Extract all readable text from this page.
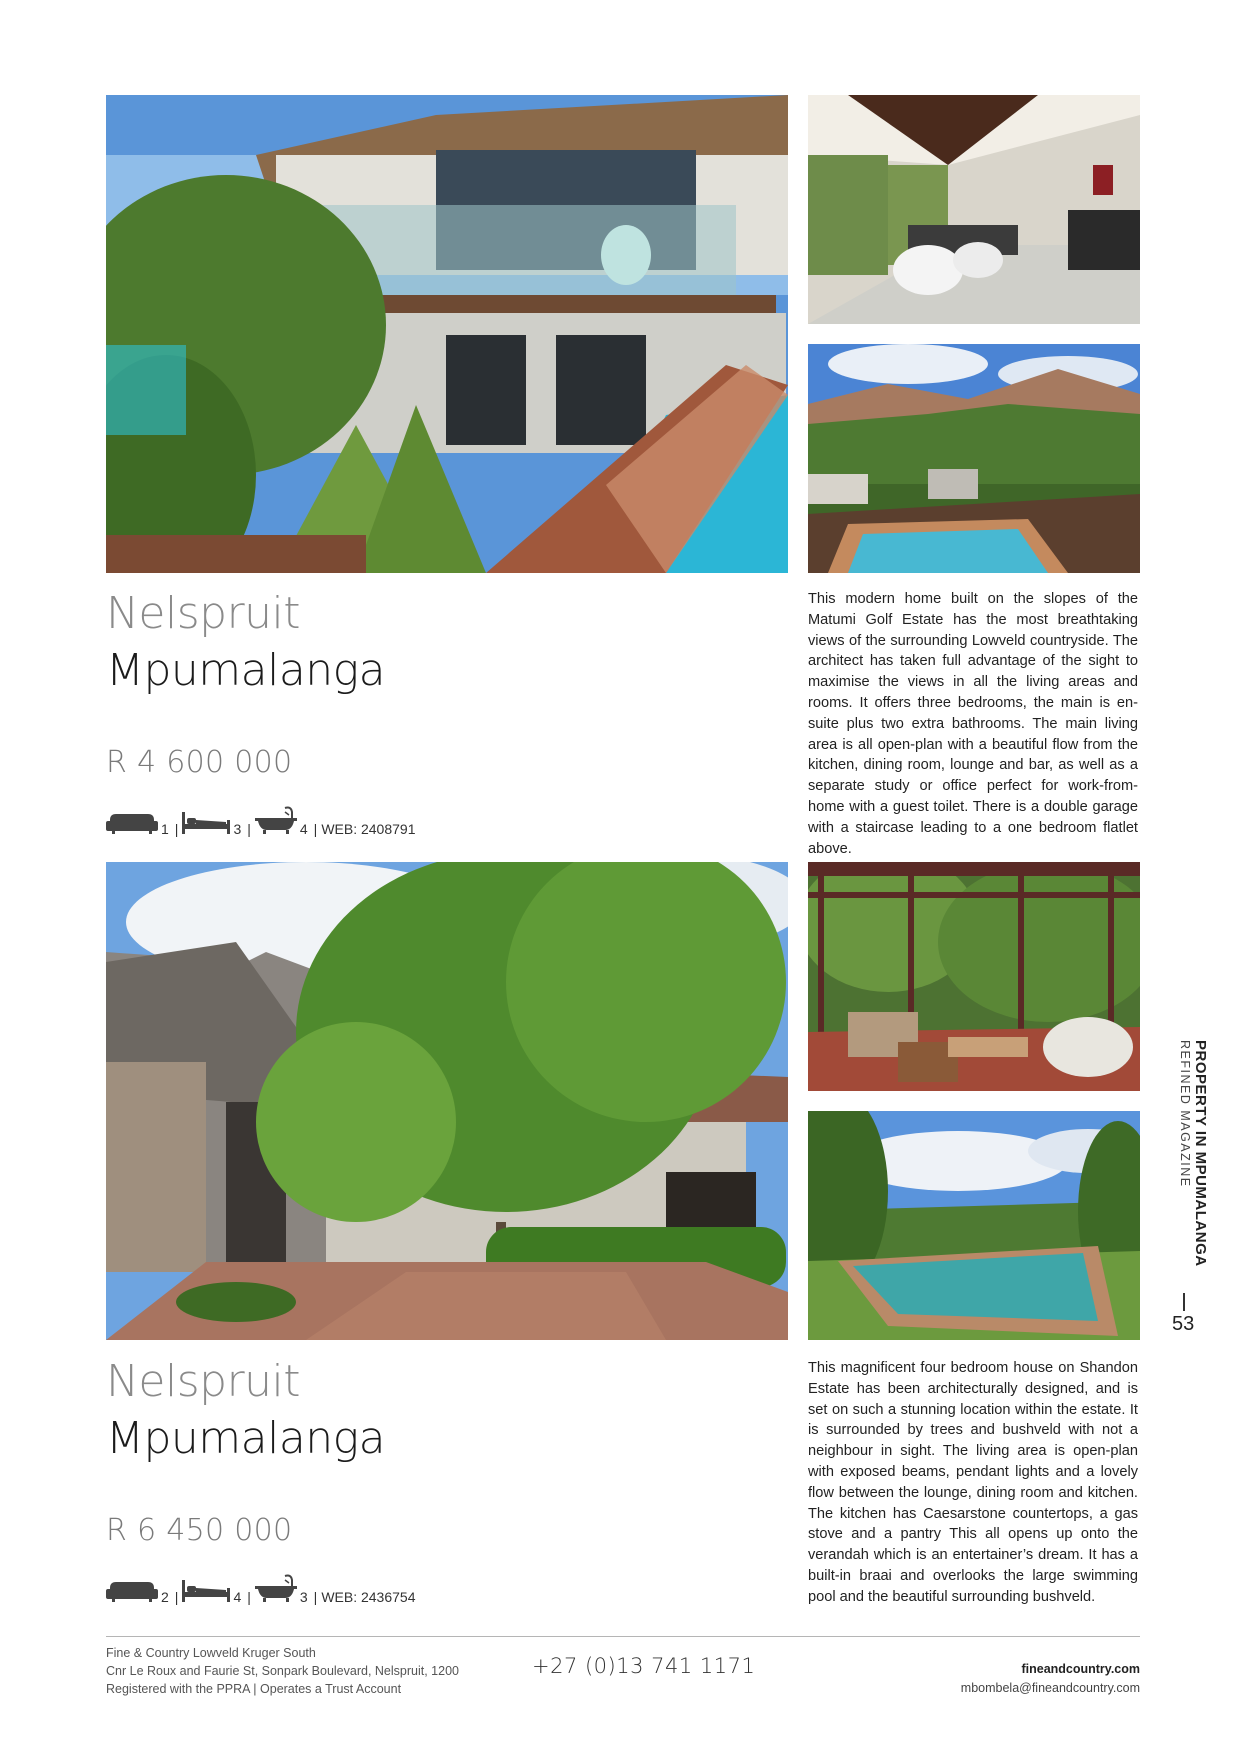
Nelspruit
Mpumalanga
R 4 600 000
1 |	3 |	4 | WEB: 2408791

This modern home built on the slopes of the Matumi Golf Estate has the most breathtaking views of the surrounding Lowveld countryside. The architect has taken full advantage of the sight to maximise the views in all the living areas and rooms. It offers three bedrooms, the main is en-suite plus two extra bathrooms. The main living area is all open-plan with a beautiful flow from the kitchen, dining room, lounge and bar, as well as a separate study or office perfect for work-from-home with a guest toilet. There is a double garage with a staircase leading to a one bedroom flatlet above.

Nelspruit
Mpumalanga
R 6 450 000
2 |	4 |	3 | WEB: 2436754

This magnificent four bedroom house on Shandon Estate has been architecturally designed, and is set on such a stunning location within the estate. It is surrounded by trees and bushveld with not a neighbour in sight. The living area is open-plan with exposed beams, pendant lights and a lovely flow between the lounge, dining room and kitchen. The kitchen has Caesarstone countertops, a gas stove and a pantry This all opens up onto the verandah which is an entertainer’s dream. It has a built-in braai and overlooks the large swimming pool and the beautiful surrounding bushveld.

PROPERTY IN MPUMALANGA
REFINED MAGAZINE
53
Fine & Country Lowveld Kruger South
Cnr Le Roux and Faurie St, Sonpark Boulevard, Nelspruit, 1200
Registered with the PPRA | Operates a Trust Account
+27 (0)13 741 1171	fineandcountry.com
mbombela@fineandcountry.com
